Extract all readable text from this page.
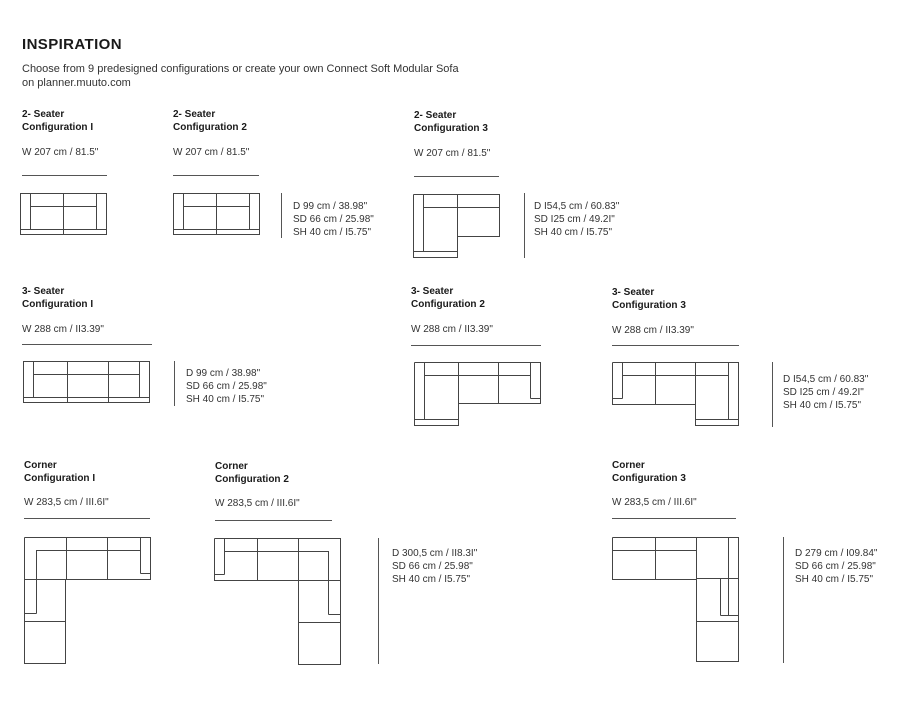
INSPIRATION
Choose from 9 predesigned configurations or create your own Connect Soft Modular Sofa
on planner.muuto.com
2- Seater
Configuration I
W 207 cm / 81.5"
2- Seater
Configuration 2
W 207 cm / 81.5"
D 99 cm / 38.98"
SD 66 cm / 25.98"
SH 40 cm / I5.75"
2- Seater
Configuration 3
W 207 cm / 81.5"
D I54,5 cm / 60.83"
SD I25 cm / 49.2I"
SH 40 cm / I5.75"
3- Seater
Configuration I
W 288 cm / II3.39"
D 99 cm / 38.98"
SD 66 cm / 25.98"
SH 40 cm / I5.75"
3- Seater
Configuration 2
W 288 cm / II3.39"
3- Seater
Configuration 3
W 288 cm / II3.39"
D I54,5 cm / 60.83"
SD I25 cm / 49.2I"
SH 40 cm / I5.75"
Corner
Configuration I
W 283,5 cm / III.6I"
Corner
Configuration 2
W 283,5 cm / III.6I"
D 300,5 cm / II8.3I"
SD 66 cm / 25.98"
SH 40 cm / I5.75"
Corner
Configuration 3
W 283,5 cm / III.6I"
D 279 cm / I09.84"
SD 66 cm / 25.98"
SH 40 cm / I5.75"
